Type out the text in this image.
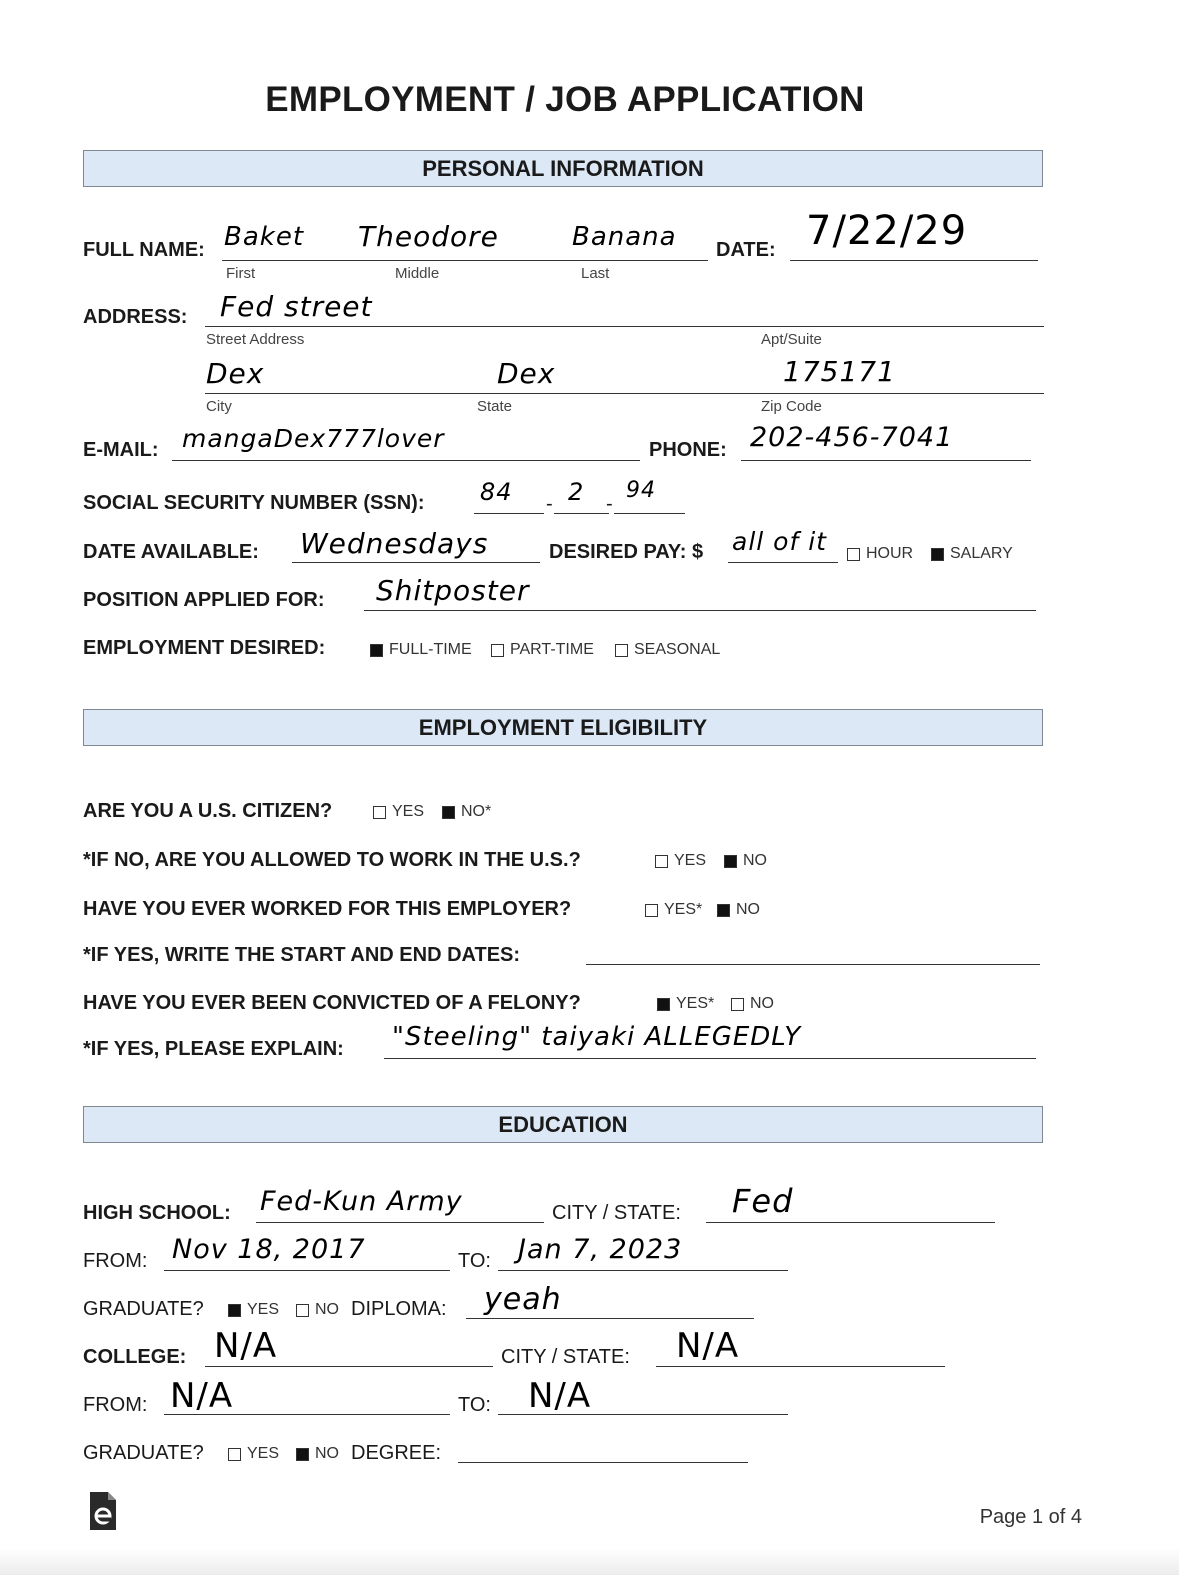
EMPLOYMENT / JOB APPLICATION
PERSONAL INFORMATION
FULL NAME: Baket Theodore	Banana
First	Middle	Last
DATE: 7/22/29
ADDRESS: Fed street
Street Address	Apt/Suite
Dex	Dex	175171
City	State	Zip Code
E-MAIL: mangaDex777lover	PHONE: 202-456-7041
SOCIAL SECURITY NUMBER (SSN):	-	-
84 2 94
DATE AVAILABLE: Wednesdays	DESIRED PAY: $ all of it HOUR SALARY
POSITION APPLIED FOR: Shitposter
EMPLOYMENT DESIRED:	FULL-TIME PART-TIME	SEASONAL
EMPLOYMENT ELIGIBILITY
ARE YOU A U.S. CITIZEN?	YES NO*
*IF NO, ARE YOU ALLOWED TO WORK IN THE U.S.?	YES NO
HAVE YOU EVER WORKED FOR THIS EMPLOYER?	YES* NO
*IF YES, WRITE THE START AND END DATES:
HAVE YOU EVER BEEN CONVICTED OF A FELONY?	YES* NO
*IF YES, PLEASE EXPLAIN: "Steeling" taiyaki ALLEGEDLY
EDUCATION
HIGH SCHOOL: Fed-Kun Army	CITY / STATE: Fed
FROM: Nov 18, 2017	TO: Jan 7, 2023
GRADUATE?	YES NO DIPLOMA: yeah
COLLEGE: N/A	CITY / STATE: N/A
FROM: N/A	TO: N/A
GRADUATE?	YES NO DEGREE:
Page 1 of 4
